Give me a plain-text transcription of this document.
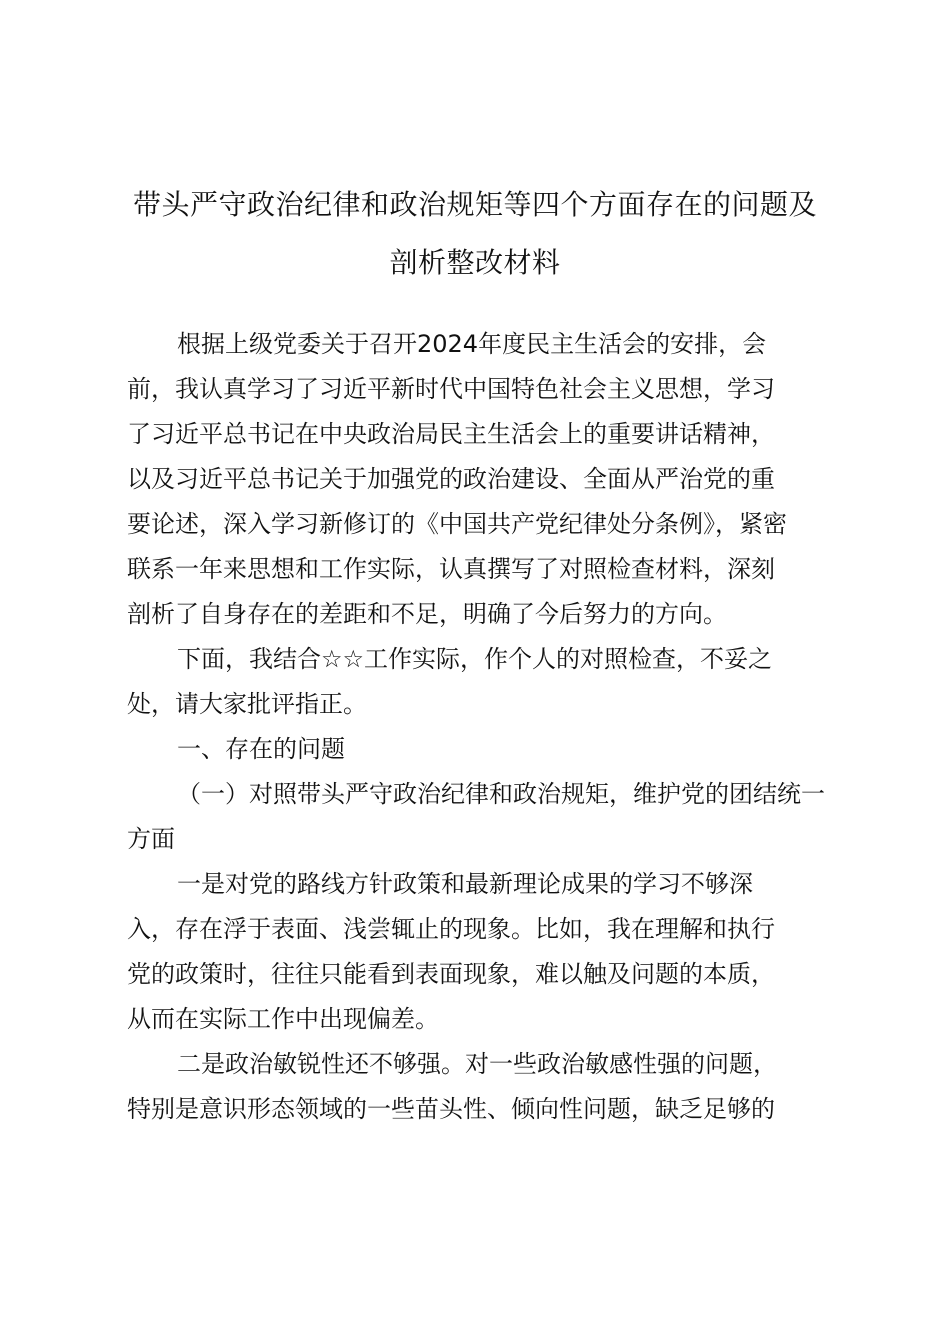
带头严守政治纪律和政治规矩等四个方面存在的问题及
剖析整改材料
根据上级党委关于召开2024年度民主生活会的安排，会
前，我认真学习了习近平新时代中国特色社会主义思想，学习
了习近平总书记在中央政治局民主生活会上的重要讲话精神，
以及习近平总书记关于加强党的政治建设、全面从严治党的重
要论述，深入学习新修订的《中国共产党纪律处分条例》，紧密
联系一年来思想和工作实际，认真撰写了对照检查材料，深刻
剖析了自身存在的差距和不足，明确了今后努力的方向。
下面，我结合☆☆工作实际，作个人的对照检查，不妥之
处，请大家批评指正。
一、存在的问题
（一）对照带头严守政治纪律和政治规矩，维护党的团结统一
方面
一是对党的路线方针政策和最新理论成果的学习不够深
入，存在浮于表面、浅尝辄止的现象。比如，我在理解和执行
党的政策时，往往只能看到表面现象，难以触及问题的本质，
从而在实际工作中出现偏差。
二是政治敏锐性还不够强。对一些政治敏感性强的问题，
特别是意识形态领域的一些苗头性、倾向性问题，缺乏足够的
